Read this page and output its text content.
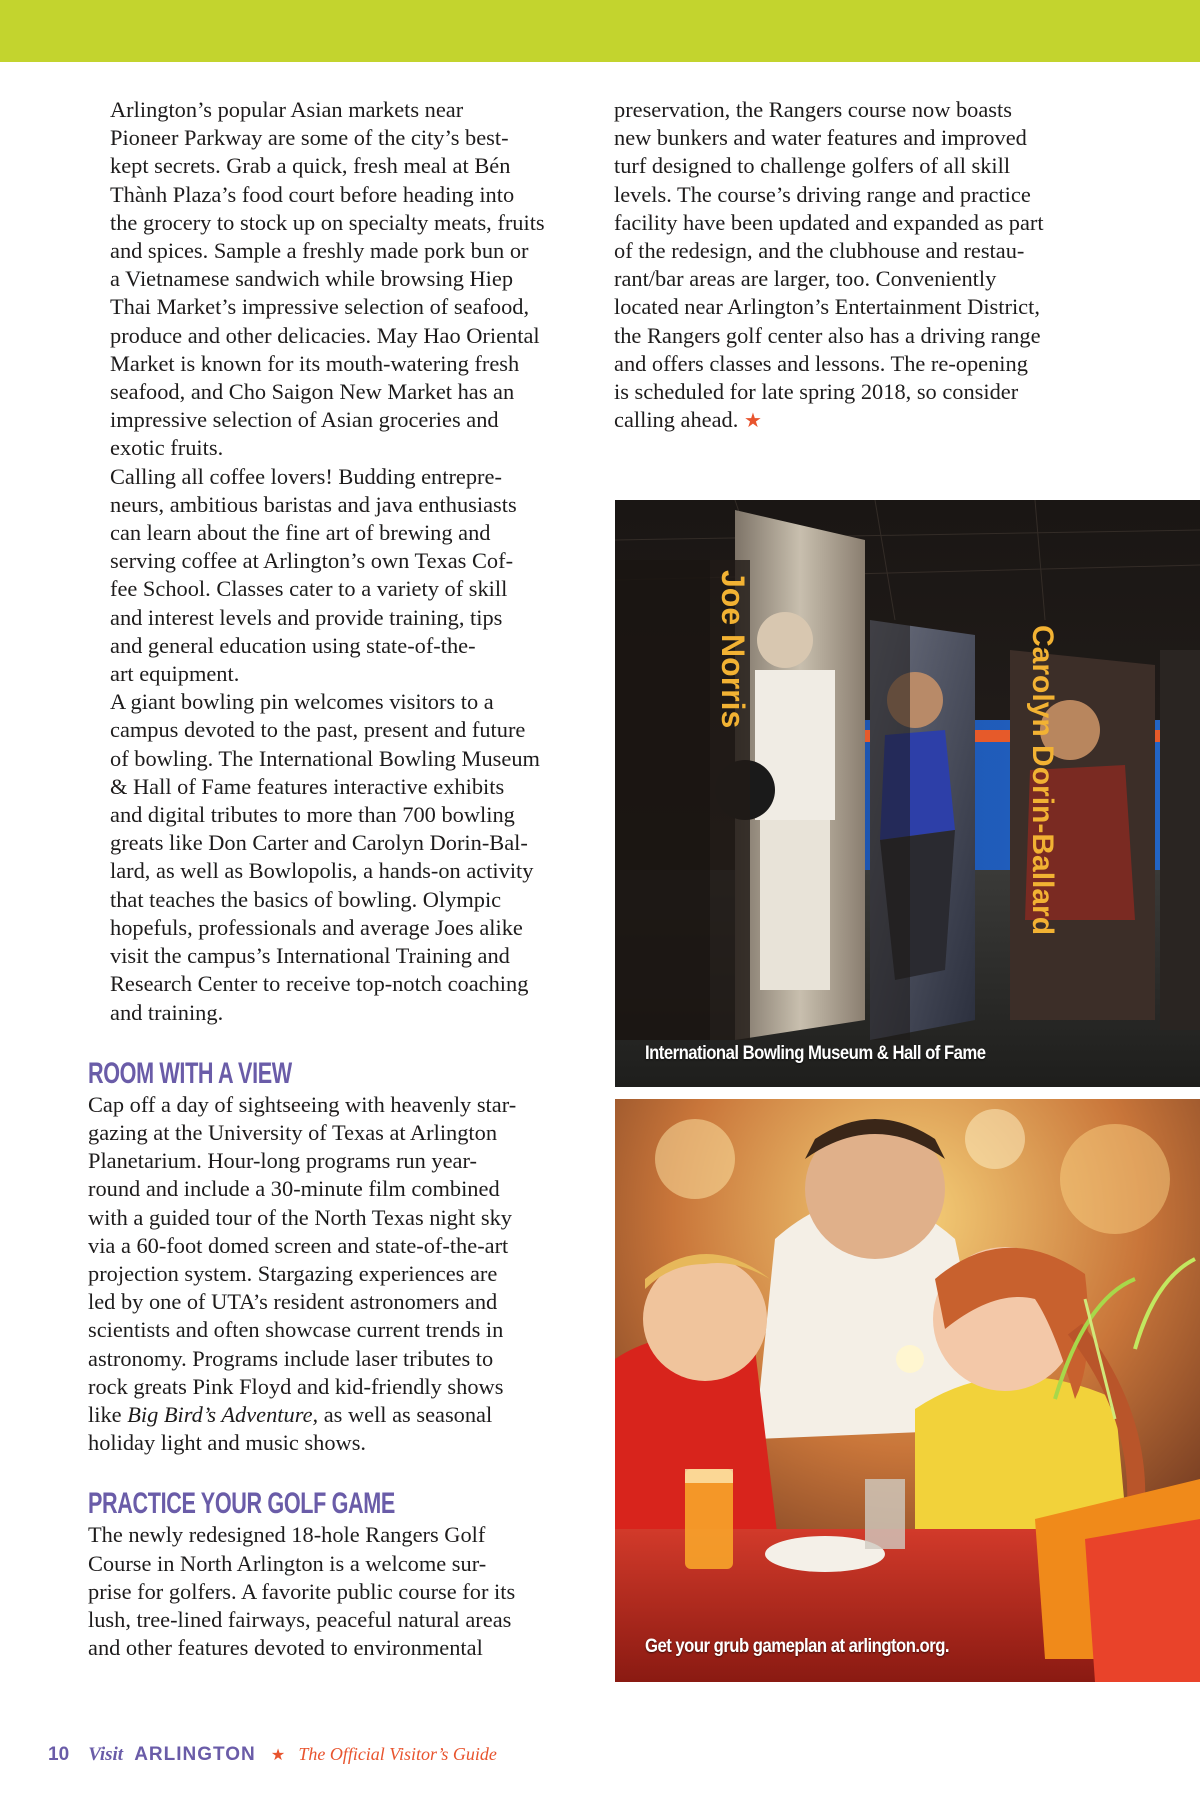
Arlington’s popular Asian markets near
Pioneer Parkway are some of the city’s best-
kept secrets. Grab a quick, fresh meal at Bén
Thành Plaza’s food court before heading into
the grocery to stock up on specialty meats, fruits
and spices. Sample a freshly made pork bun or
a Vietnamese sandwich while browsing Hiep
Thai Market’s impressive selection of seafood,
produce and other delicacies. May Hao Oriental
Market is known for its mouth-watering fresh
seafood, and Cho Saigon New Market has an
impressive selection of Asian groceries and
exotic fruits.

Calling all coffee lovers! Budding entrepre-
neurs, ambitious baristas and java enthusiasts
can learn about the fine art of brewing and
serving coffee at Arlington’s own Texas Cof-
fee School. Classes cater to a variety of skill
and interest levels and provide training, tips
and general education using state-of-the-
art equipment.

A giant bowling pin welcomes visitors to a
campus devoted to the past, present and future
of bowling. The International Bowling Museum
& Hall of Fame features interactive exhibits
and digital tributes to more than 700 bowling
greats like Don Carter and Carolyn Dorin-Bal-
lard, as well as Bowlopolis, a hands-on activity
that teaches the basics of bowling. Olympic
hopefuls, professionals and average Joes alike
visit the campus’s International Training and
Research Center to receive top-notch coaching
and training.

ROOM WITH A VIEW

Cap off a day of sightseeing with heavenly star-
gazing at the University of Texas at Arlington
Planetarium. Hour-long programs run year-
round and include a 30-minute film combined
with a guided tour of the North Texas night sky
via a 60-foot domed screen and state-of-the-art
projection system. Stargazing experiences are
led by one of UTA’s resident astronomers and
scientists and often showcase current trends in
astronomy. Programs include laser tributes to
rock greats Pink Floyd and kid-friendly shows
like Big Bird’s Adventure, as well as seasonal
holiday light and music shows.

PRACTICE YOUR GOLF GAME

The newly redesigned 18-hole Rangers Golf
Course in North Arlington is a welcome sur-
prise for golfers. A favorite public course for its
lush, tree-lined fairways, peaceful natural areas
and other features devoted to environmental

preservation, the Rangers course now boasts
new bunkers and water features and improved
turf designed to challenge golfers of all skill
levels. The course’s driving range and practice
facility have been updated and expanded as part
of the redesign, and the clubhouse and restau-
rant/bar areas are larger, too. Conveniently
located near Arlington’s Entertainment District,
the Rangers golf center also has a driving range
and offers classes and lessons. The re-opening
is scheduled for late spring 2018, so consider
calling ahead. ★

Joe Norris	Carolyn Dorin-Ballard
International Bowling Museum & Hall of Fame
Get your grub gameplan at arlington.org.
10 Visit ARLINGTON ★ The Official Visitor’s Guide
